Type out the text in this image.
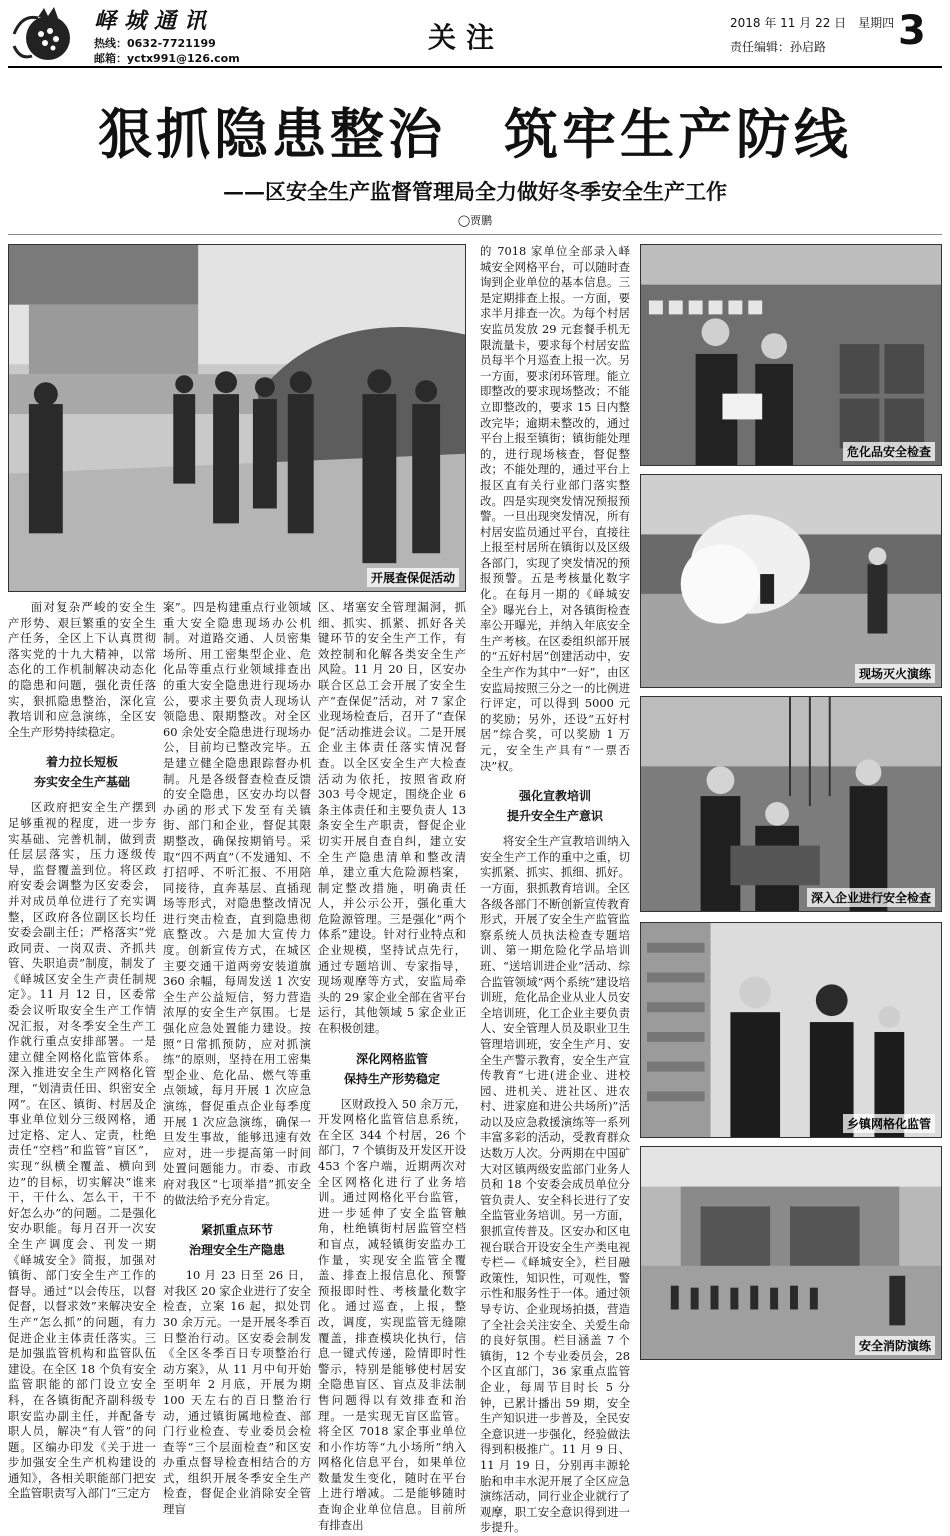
峄城通讯
热线：0632-7721199
邮箱：yctx991@126.com
关注	2018 年 11 月 22 日　星期四
责任编辑：孙启路 3
狠抓隐患整治　筑牢生产防线
——区安全生产监督管理局全力做好冬季安全生产工作
◯贾鹏
开展查保促活动
危化品安全检查
现场灭火演练
深入企业进行安全检查
乡镇网格化监管
安全消防演练

面对复杂严峻的安全生产形势、艰巨繁重的安全生产任务，全区上下认真贯彻落实党的十九大精神，以常态化的工作机制解决动态化的隐患和问题，强化责任落实，狠抓隐患整治，深化宣教培训和应急演练，全区安全生产形势持续稳定。

着力拉长短板
夯实安全生产基础

区政府把安全生产摆到足够重视的程度，进一步夯实基础、完善机制，做到责任层层落实，压力逐级传导，监督覆盖到位。将区政府安委会调整为区安委会，并对成员单位进行了充实调整，区政府各位副区长均任安委会副主任；严格落实“党政同责、一岗双责、齐抓共管、失职追责”制度，制发了《峄城区安全生产责任制规定》。11 月 12 日，区委常委会议听取安全生产工作情况汇报，对冬季安全生产工作就行重点安排部署。一是建立健全网格化监管体系。深入推进安全生产网格化管理，“划清责任田、织密安全网”。在区、镇街、村居及企事业单位划分三级网格，通过定格、定人、定责，杜绝责任“空档”和监管“盲区”，实现“纵横全覆盖、横向到边”的目标，切实解决“谁来干，干什么、怎么干，干不好怎么办”的问题。二是强化安办职能。每月召开一次安全生产调度会、刊发一期《峄城安全》简报，加强对镇街、部门安全生产工作的督导。通过“以会传压，以督促督，以督求效”来解决安全生产“怎么抓”的问题，有力促进企业主体责任落实。三是加强监管机构和监管队伍建设。在全区 18 个负有安全监管职能的部门设立安全科，在各镇街配齐副科级专职安监办副主任，并配备专职人员，解决“有人管”的问题。区编办印发《关于进一步加强安全生产机构建设的通知》，各相关职能部门把安全监管职责写入部门“三定方

案”。四是构建重点行业领域重大安全隐患现场办公机制。对道路交通、人员密集场所、用工密集型企业、危化品等重点行业领域排查出的重大安全隐患进行现场办公，要求主要负责人现场认领隐患、限期整改。对全区 60 余处安全隐患进行现场办公，目前均已整改完毕。五是建立健全隐患跟踪督办机制。凡是各级督查检查反馈的安全隐患，区安办均以督办函的形式下发至有关镇街、部门和企业，督促其限期整改，确保按期销号。采取“四不两直”（不发通知、不打招呼、不听汇报、不用陪同接待，直奔基层、直插现场等形式，对隐患整改情况进行突击检查，直到隐患彻底整改。六是加大宣传力度。创新宣传方式，在城区主要交通干道两旁安装道旗 360 余幅，每周发送 1 次安全生产公益短信，努力营造浓厚的安全生产氛围。七是强化应急处置能力建设。按照“日常抓预防，应对抓演练”的原则，坚持在用工密集型企业、危化品、燃气等重点领域，每月开展 1 次应急演练，督促重点企业每季度开展 1 次应急演练，确保一旦发生事故，能够迅速有效应对，进一步提高第一时间处置问题能力。市委、市政府对我区“七项举措”抓安全的做法给予充分肯定。

紧抓重点环节
治理安全生产隐患

10 月 23 日至 26 日，对我区 20 家企业进行了安全检查，立案 16 起，拟处罚 30 余万元。一是开展冬季百日整治行动。区安委会制发《全区冬季百日专项整治行动方案》，从 11 月中旬开始至明年 2 月底，开展为期 100 天左右的百日整治行动，通过镇街属地检查、部门行业检查、专业委员会检查等“三个层面检查”和区安办重点督导检查相结合的方式，组织开展冬季安全生产检查，督促企业消除安全管理盲

区、堵塞安全管理漏洞，抓细、抓实、抓紧、抓好各关键环节的安全生产工作，有效控制和化解各类安全生产风险。11 月 20 日，区安办联合区总工会开展了安全生产“查保促”活动，对 7 家企业现场检查后，召开了“查保促”活动推进会议。二是开展企业主体责任落实情况督查。以全区安全生产大检查活动为依托，按照省政府 303 号令规定，围绕企业 6 条主体责任和主要负责人 13 条安全生产职责，督促企业切实开展自查自纠，建立安全生产隐患清单和整改清单，建立重大危险源档案，制定整改措施，明确责任人，并公示公开，强化重大危险源管理。三是强化“两个体系”建设。针对行业特点和企业规模，坚持试点先行，通过专题培训、专家指导，现场观摩等方式，安监局牵头的 29 家企业全部在省平台运行，其他领域 5 家企业正在积极创建。

深化网格监管
保持生产形势稳定

区财政投入 50 余万元，开发网格化监管信息系统，在全区 344 个村居，26 个部门，7 个镇街及开发区开设 453 个客户端，近期两次对全区网格化进行了业务培训。通过网格化平台监管，进一步延伸了安全监管触角，杜绝镇街村居监管空档和盲点，减轻镇街安监办工作量，实现安全监管全覆盖、排查上报信息化、预警预报即时性、考核量化数字化。通过巡查，上报，整改，调度，实现监管无缝隙覆盖，排查模块化执行，信息一键式传递，险情即时性警示，特别是能够使村居安全隐患盲区、盲点及非法制售问题得以有效排查和治理。一是实现无盲区监管。将全区 7018 家企事业单位和小作坊等“九小场所”纳入网格化信息平台，如果单位数量发生变化，随时在平台上进行增减。二是能够随时查询企业单位信息。目前所有排查出

的 7018 家单位全部录入峄城安全网格平台，可以随时查询到企业单位的基本信息。三是定期排查上报。一方面，要求半月排查一次。为每个村居安监员发放 29 元套餐手机无限流量卡，要求每个村居安监员每半个月巡查上报一次。另一方面，要求闭环管理。能立即整改的要求现场整改；不能立即整改的，要求 15 日内整改完毕；逾期未整改的，通过平台上报至镇街；镇街能处理的，进行现场核查，督促整改；不能处理的，通过平台上报区直有关行业部门落实整改。四是实现突发情况预报预警。一旦出现突发情况，所有村居安监员通过平台，直接往上报至村居所在镇街以及区级各部门，实现了突发情况的预报预警。五是考核量化数字化。在每月一期的《峄城安全》曝光台上，对各镇街检查率公开曝光，并纳入年底安全生产考核。在区委组织部开展的“五好村居”创建活动中，安全生产作为其中“一好”，由区安监局按照三分之一的比例进行评定，可以得到 5000 元的奖励；另外，还设“五好村居”综合奖，可以奖励 1 万元，安全生产具有“一票否决”权。

强化宣教培训
提升安全生产意识

将安全生产宣教培训纳入安全生产工作的重中之重，切实抓紧、抓实、抓细、抓好。一方面，狠抓教育培训。全区各级各部门不断创新宣传教育形式，开展了安全生产监管监察系统人员执法检查专题培训、第一期危险化学品培训班、“送培训进企业”活动、综合监管领域“两个系统”建设培训班，危化品企业从业人员安全培训班，化工企业主要负责人、安全管理人员及职业卫生管理培训班，安全生产月、安全生产警示教育，安全生产宣传教育“七进(进企业、进校园、进机关、进社区、进农村、进家庭和进公共场所)”活动以及应急救援演练等一系列丰富多彩的活动，受教育群众达数万人次。分两期在中国矿大对区镇两级安监部门业务人员和 18 个安委会成员单位分管负责人、安全科长进行了安全监管业务培训。另一方面，狠抓宣传普及。区安办和区电视台联合开设安全生产类电视专栏—《峄城安全》，栏目融政策性，知识性，可观性，警示性和服务性于一体。通过领导专访、企业现场拍摄，营造了全社会关注安全、关爱生命的良好氛围。栏目涵盖 7 个镇街，12 个专业委员会，28 个区直部门，36 家重点监管企业，每周节目时长 5 分钟，已累计播出 59 期，安全生产知识进一步普及，全民安全意识进一步强化，经验做法得到积极推广。11 月 9 日、11 月 19 日，分别再丰源轮胎和申丰水泥开展了全区应急演练活动，同行业企业就行了观摩，职工安全意识得到进一步提升。
